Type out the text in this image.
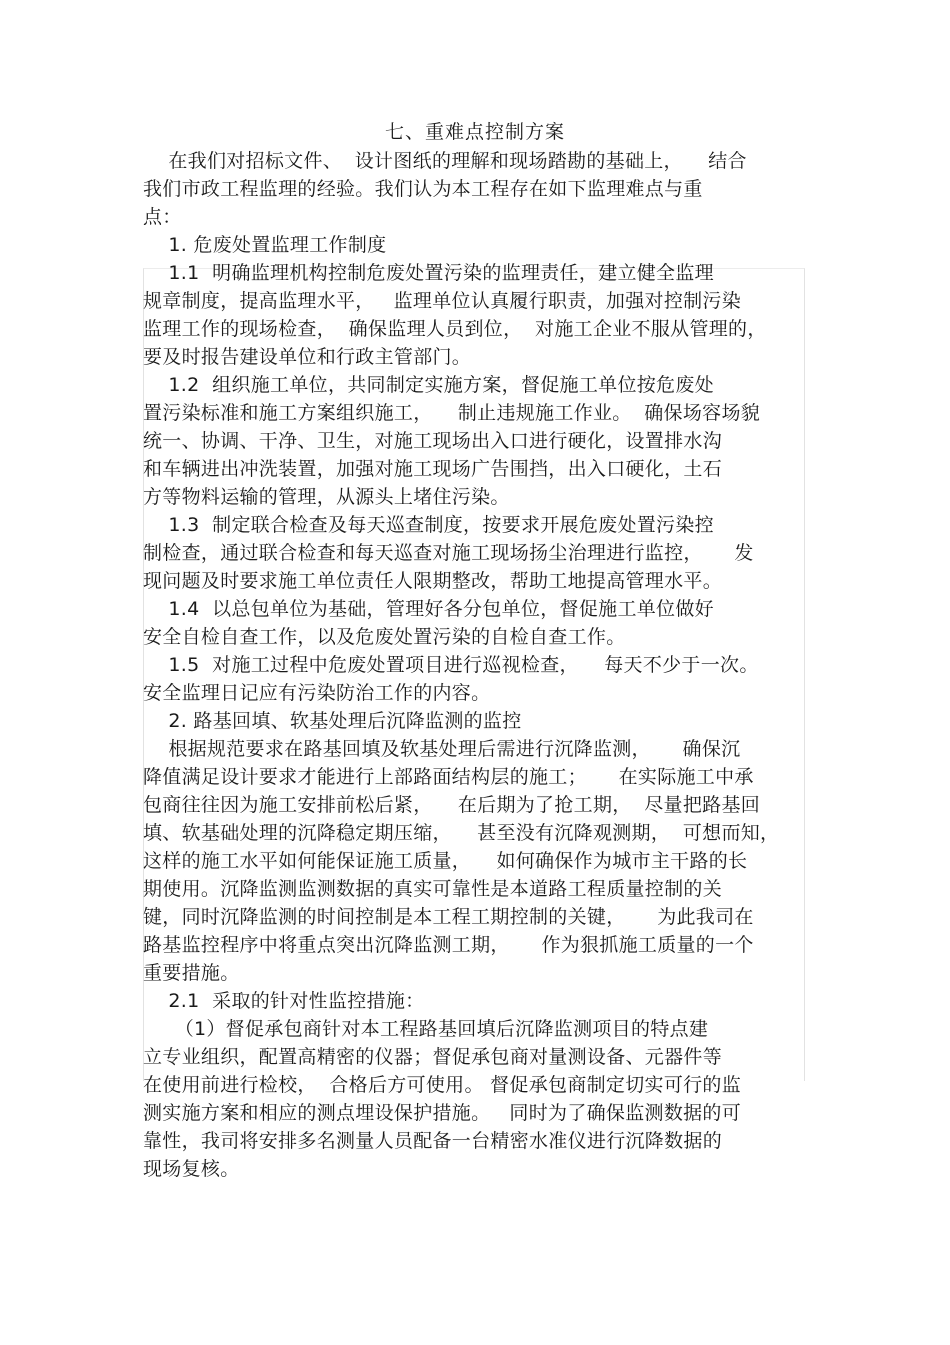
七、重难点控制方案
在我们对招标文件、  设计图纸的理解和现场踏勘的基础上，    结合
我们市政工程监理的经验。我们认为本工程存在如下监理难点与重
点：
1. 危废处置监理工作制度
1.1  明确监理机构控制危废处置污染的监理责任，建立健全监理
规章制度，提高监理水平，   监理单位认真履行职责，加强对控制污染
监理工作的现场检查，  确保监理人员到位，  对施工企业不服从管理的，
要及时报告建设单位和行政主管部门。
1.2  组织施工单位，共同制定实施方案，督促施工单位按危废处
置污染标准和施工方案组织施工，    制止违规施工作业。  确保场容场貌
统一、协调、干净、卫生，对施工现场出入口进行硬化，设置排水沟
和车辆进出冲洗装置，加强对施工现场广告围挡，出入口硬化，土石
方等物料运输的管理，从源头上堵住污染。
1.3  制定联合检查及每天巡查制度，按要求开展危废处置污染控
制检查，通过联合检查和每天巡查对施工现场扬尘治理进行监控，     发
现问题及时要求施工单位责任人限期整改，帮助工地提高管理水平。
1.4  以总包单位为基础，管理好各分包单位，督促施工单位做好
安全自检自查工作，以及危废处置污染的自检自查工作。
1.5  对施工过程中危废处置项目进行巡视检查，    每天不少于一次。
安全监理日记应有污染防治工作的内容。
2. 路基回填、软基处理后沉降监测的监控
根据规范要求在路基回填及软基处理后需进行沉降监测，     确保沉
降值满足设计要求才能进行上部路面结构层的施工；     在实际施工中承
包商往往因为施工安排前松后紧，    在后期为了抢工期，  尽量把路基回
填、软基础处理的沉降稳定期压缩，    甚至没有沉降观测期，  可想而知，
这样的施工水平如何能保证施工质量，    如何确保作为城市主干路的长
期使用。沉降监测监测数据的真实可靠性是本道路工程质量控制的关
键，同时沉降监测的时间控制是本工程工期控制的关键，     为此我司在
路基监控程序中将重点突出沉降监测工期，     作为狠抓施工质量的一个
重要措施。
2.1  采取的针对性监控措施：
（1）督促承包商针对本工程路基回填后沉降监测项目的特点建
立专业组织，配置高精密的仪器；督促承包商对量测设备、元器件等
在使用前进行检校，  合格后方可使用。 督促承包商制定切实可行的监
测实施方案和相应的测点埋设保护措施。   同时为了确保监测数据的可
靠性，我司将安排多名测量人员配备一台精密水准仪进行沉降数据的
现场复核。
